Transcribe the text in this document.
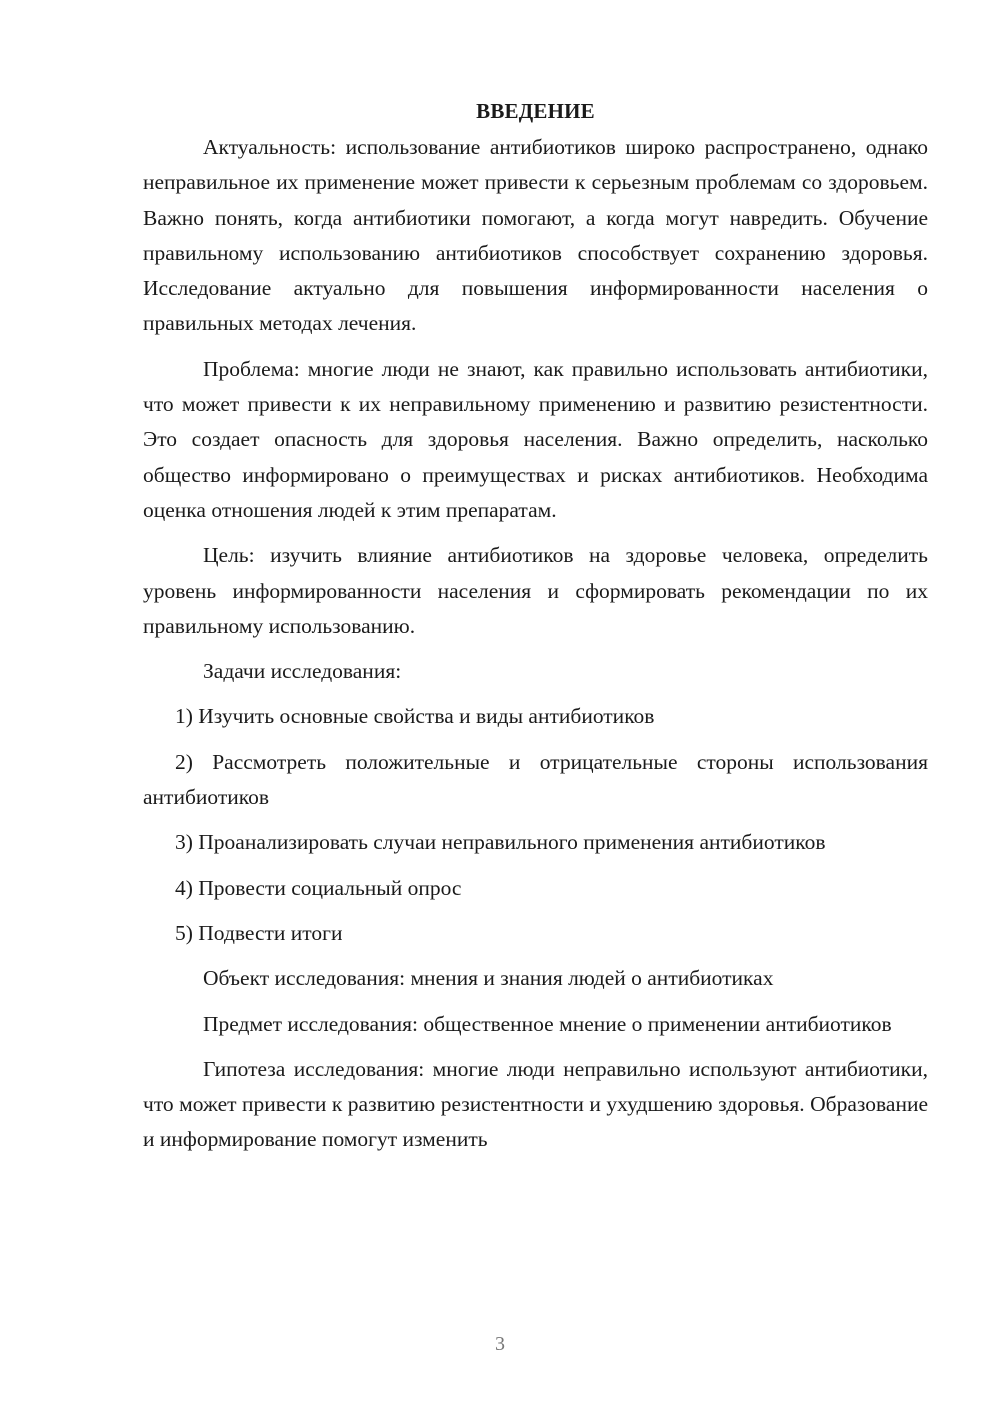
ВВЕДЕНИЕ

Актуальность: использование антибиотиков широко распространено, однако неправильное их применение может привести к серьезным проблемам со здоровьем. Важно понять, когда антибиотики помогают, а когда могут навредить. Обучение правильному использованию антибиотиков способствует сохранению здоровья. Исследование актуально для повышения информированности населения о правильных методах лечения.

Проблема: многие люди не знают, как правильно использовать антибиотики, что может привести к их неправильному применению и развитию резистентности. Это создает опасность для здоровья населения. Важно определить, насколько общество информировано о преимуществах и рисках антибиотиков. Необходима оценка отношения людей к этим препаратам.

Цель: изучить влияние антибиотиков на здоровье человека, определить уровень информированности населения и сформировать рекомендации по их правильному использованию.

Задачи исследования:

1) Изучить основные свойства и виды антибиотиков

2) Рассмотреть положительные и отрицательные стороны использования антибиотиков

3) Проанализировать случаи неправильного применения антибиотиков

4) Провести социальный опрос

5) Подвести итоги

Объект исследования: мнения и знания людей о антибиотиках

Предмет исследования: общественное мнение о применении антибиотиков

Гипотеза исследования: многие люди неправильно используют антибиотики, что может привести к развитию резистентности и ухудшению здоровья. Образование и информирование помогут изменить

3
